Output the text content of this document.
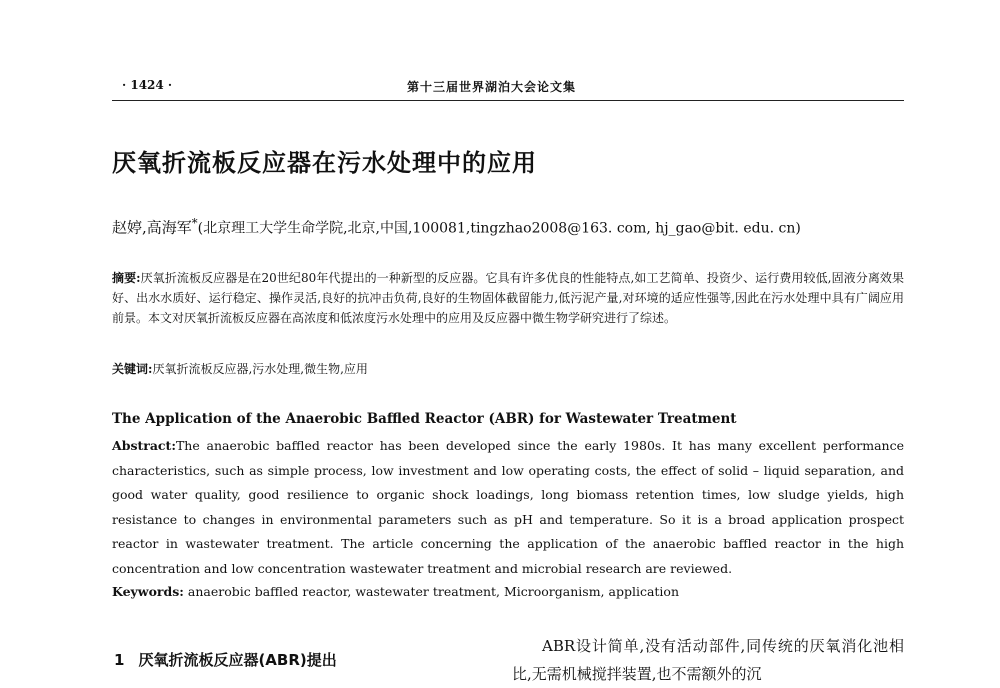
· 1424 ·	第十三届世界湖泊大会论文集
厌氧折流板反应器在污水处理中的应用
赵婷,高海军*(北京理工大学生命学院,北京,中国,100081,tingzhao2008@163. com, hj_gao@bit. edu. cn)
摘要:厌氧折流板反应器是在20世纪80年代提出的一种新型的反应器。它具有许多优良的性能特点,如工艺简单、投资少、运行费用较低,固液分离效果好、出水水质好、运行稳定、操作灵活,良好的抗冲击负荷,良好的生物固体截留能力,低污泥产量,对环境的适应性强等,因此在污水处理中具有广阔应用前景。本文对厌氧折流板反应器在高浓度和低浓度污水处理中的应用及反应器中微生物学研究进行了综述。
关键词:厌氧折流板反应器,污水处理,微生物,应用
The Application of the Anaerobic Baffled Reactor (ABR) for Wastewater Treatment
Abstract:The anaerobic baffled reactor has been developed since the early 1980s. It has many excellent performance characteristics, such as simple process, low investment and low operating costs, the effect of solid – liquid separation, and good water quality, good resilience to organic shock loadings, long biomass retention times, low sludge yields, high resistance to changes in environmental parameters such as pH and temperature. So it is a broad application prospect reactor in wastewater treatment. The article concerning the application of the anaerobic baffled reactor in the high concentration and low concentration wastewater treatment and microbial research are reviewed.
Keywords: anaerobic baffled reactor, wastewater treatment, Microorganism, application
1 厌氧折流板反应器(ABR)提出
ABR设计简单,没有活动部件,同传统的厌氧消化池相比,无需机械搅拌装置,也不需额外的沉
